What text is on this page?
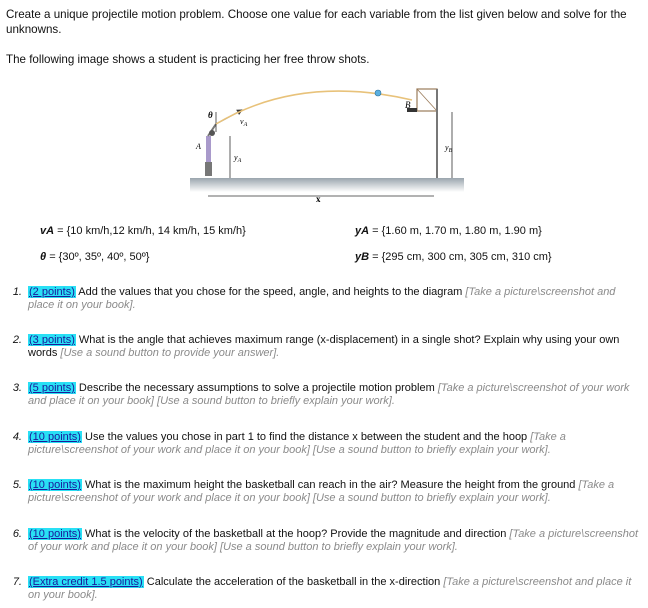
Create a unique projectile motion problem. Choose one value for each variable from the list given below and solve for the unknowns.
The following image shows a student is practicing her free throw shots.
θ
$v_A$
A
B
$y_A$
$y_B$
x
vA = {10 km/h,12 km/h, 14 km/h, 15 km/h}	yA = {1.60 m, 1.70 m, 1.80 m, 1.90 m}
θ = {30º, 35º, 40º, 50º}	yB = {295 cm, 300 cm, 305 cm, 310 cm}
1. (2 points) Add the values that you chose for the speed, angle, and heights to the diagram [Take a picture\screenshot and place it on your book].
2. (3 points) What is the angle that achieves maximum range (x-displacement) in a single shot? Explain why using your own words [Use a sound button to provide your answer].
3. (5 points) Describe the necessary assumptions to solve a projectile motion problem [Take a picture\screenshot of your work and place it on your book] [Use a sound button to briefly explain your work].
4. (10 points) Use the values you chose in part 1 to find the distance x between the student and the hoop [Take a picture\screenshot of your work and place it on your book] [Use a sound button to briefly explain your work].
5. (10 points) What is the maximum height the basketball can reach in the air? Measure the height from the ground [Take a picture\screenshot of your work and place it on your book] [Use a sound button to briefly explain your work].
6. (10 points) What is the velocity of the basketball at the hoop? Provide the magnitude and direction [Take a picture\screenshot of your work and place it on your book] [Use a sound button to briefly explain your work].
7. (Extra credit 1.5 points) Calculate the acceleration of the basketball in the x-direction [Take a picture\screenshot and place it on your book].
